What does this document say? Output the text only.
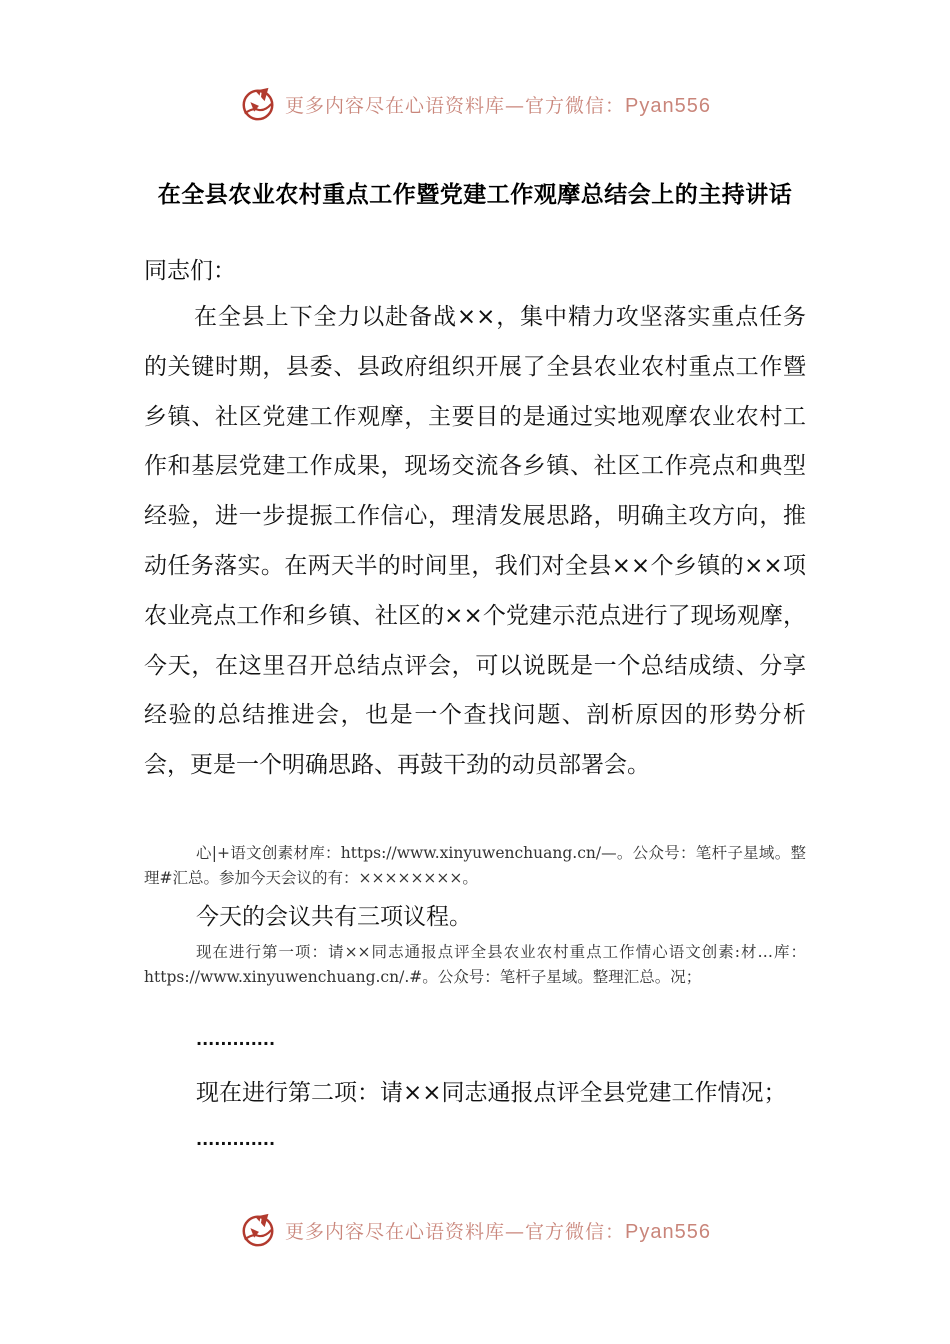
更多内容尽在心语资料库—官方微信：Pyan556
在全县农业农村重点工作暨党建工作观摩总结会上的主持讲话
同志们：
在全县上下全力以赴备战××，集中精力攻坚落实重点任务的关键时期，县委、县政府组织开展了全县农业农村重点工作暨乡镇、社区党建工作观摩，主要目的是通过实地观摩农业农村工作和基层党建工作成果，现场交流各乡镇、社区工作亮点和典型经验，进一步提振工作信心，理清发展思路，明确主攻方向，推动任务落实。在两天半的时间里，我们对全县××个乡镇的××项农业亮点工作和乡镇、社区的××个党建示范点进行了现场观摩，今天，在这里召开总结点评会，可以说既是一个总结成绩、分享经验的总结推进会，也是一个查找问题、剖析原因的形势分析会，更是一个明确思路、再鼓干劲的动员部署会。
心|+语文创素材库：https://www.xinyuwenchuang.cn/—。公众号：笔杆子星域。整理#汇总。参加今天会议的有：××××××××。
今天的会议共有三项议程。
现在进行第一项：请××同志通报点评全县农业农村重点工作情心语文创素:材…库：https://www.xinyuwenchuang.cn/.#。公众号：笔杆子星域。整理汇总。况；
.............
现在进行第二项：请××同志通报点评全县党建工作情况；
.............
更多内容尽在心语资料库—官方微信：Pyan556
